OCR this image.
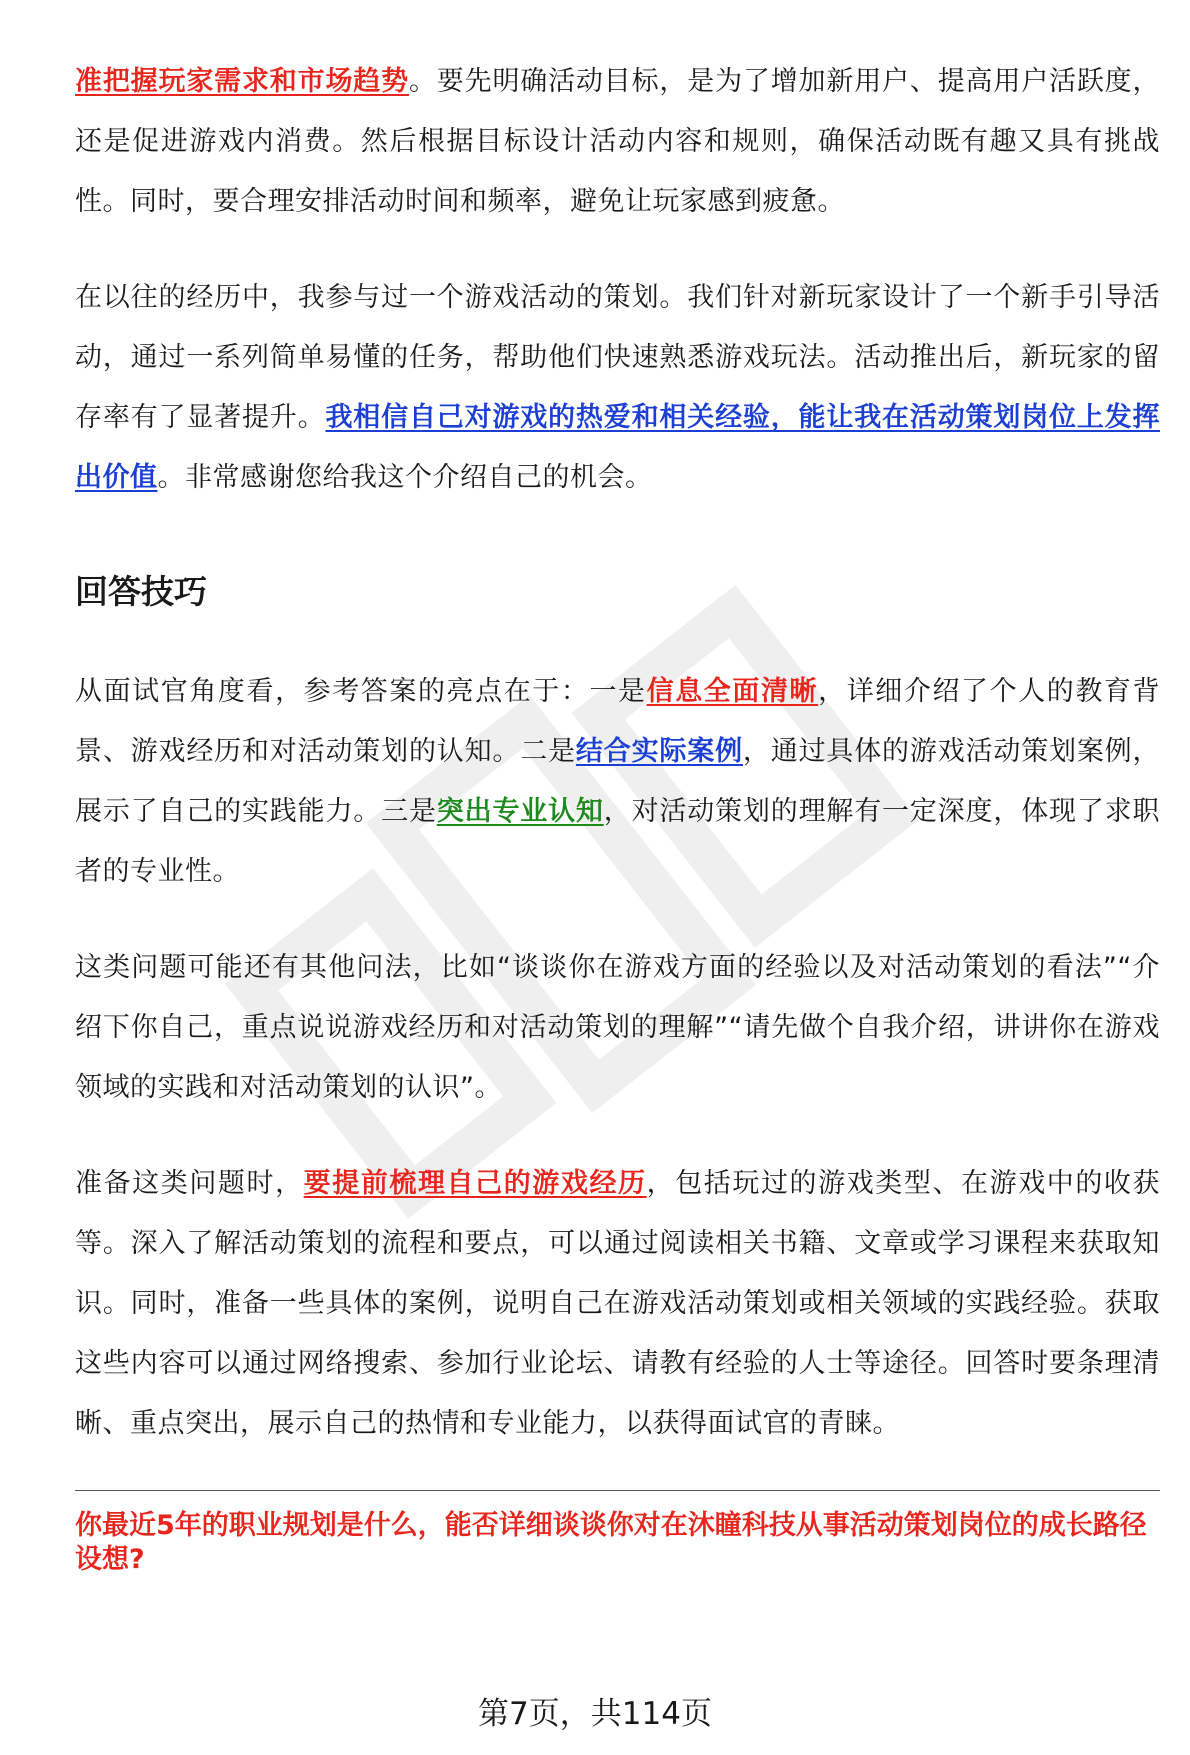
准把握玩家需求和市场趋势。要先明确活动目标，是为了增加新用户、提高用户活跃度，还是促进游戏内消费。然后根据目标设计活动内容和规则，确保活动既有趣又具有挑战性。同时，要合理安排活动时间和频率，避免让玩家感到疲惫。

在以往的经历中，我参与过一个游戏活动的策划。我们针对新玩家设计了一个新手引导活动，通过一系列简单易懂的任务，帮助他们快速熟悉游戏玩法。活动推出后，新玩家的留存率有了显著提升。我相信自己对游戏的热爱和相关经验，能让我在活动策划岗位上发挥出价值。非常感谢您给我这个介绍自己的机会。

回答技巧

从面试官角度看，参考答案的亮点在于：一是信息全面清晰，详细介绍了个人的教育背景、游戏经历和对活动策划的认知。二是结合实际案例，通过具体的游戏活动策划案例，展示了自己的实践能力。三是突出专业认知，对活动策划的理解有一定深度，体现了求职者的专业性。

这类问题可能还有其他问法，比如“谈谈你在游戏方面的经验以及对活动策划的看法”“介绍下你自己，重点说说游戏经历和对活动策划的理解”“请先做个自我介绍，讲讲你在游戏领域的实践和对活动策划的认识”。

准备这类问题时，要提前梳理自己的游戏经历，包括玩过的游戏类型、在游戏中的收获等。深入了解活动策划的流程和要点，可以通过阅读相关书籍、文章或学习课程来获取知识。同时，准备一些具体的案例，说明自己在游戏活动策划或相关领域的实践经验。获取这些内容可以通过网络搜索、参加行业论坛、请教有经验的人士等途径。回答时要条理清晰、重点突出，展示自己的热情和专业能力，以获得面试官的青睐。

你最近5年的职业规划是什么，能否详细谈谈你对在沐瞳科技从事活动策划岗位的成长路径设想?

第7页，共114页
